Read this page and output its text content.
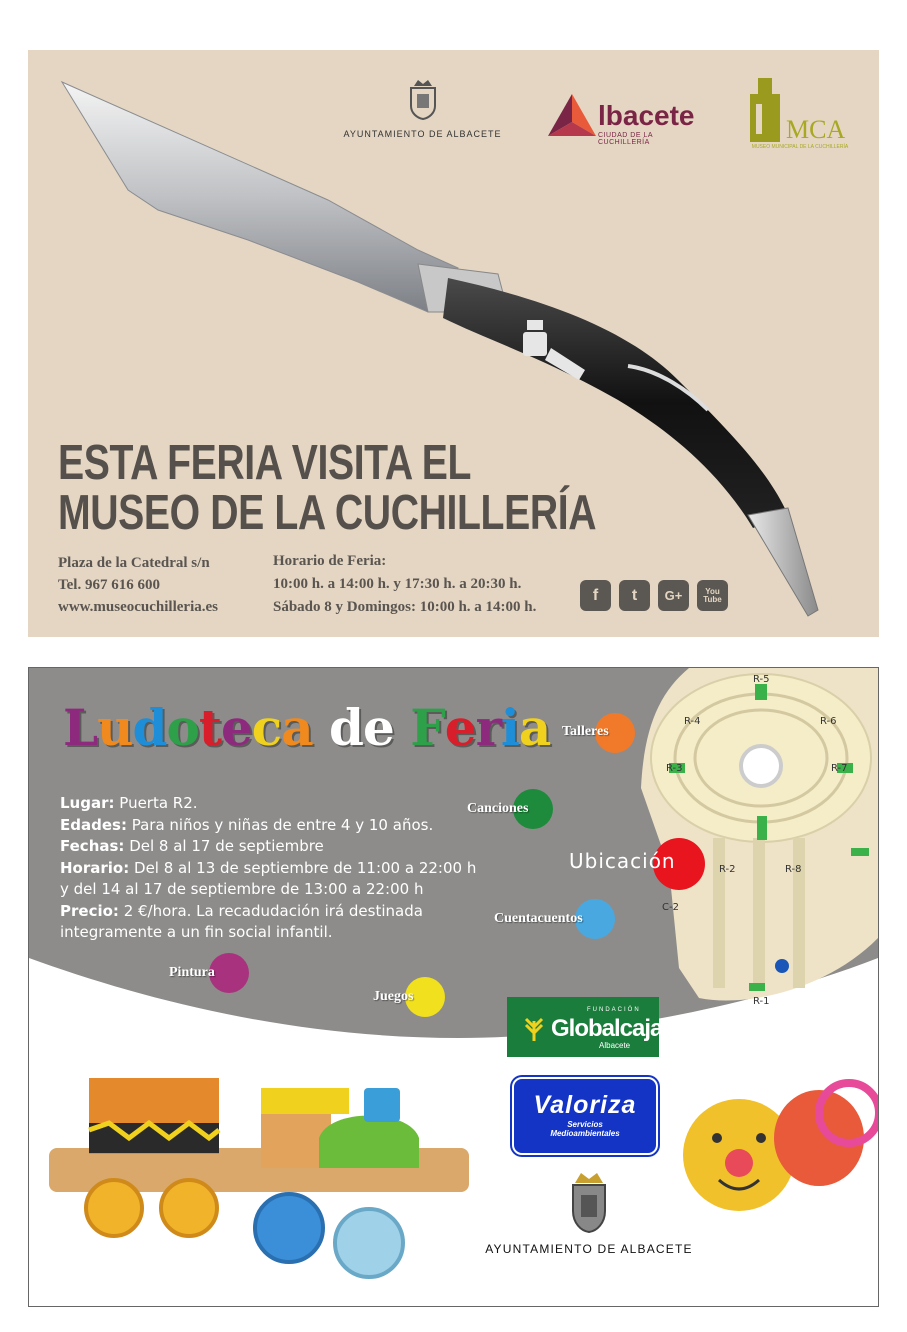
AYUNTAMIENTO DE ALBACETE
lbacete
CIUDAD DE LA CUCHILLERÍA	MCA
MUSEO MUNICIPAL DE LA CUCHILLERÍA
ESTA FERIA VISITA EL
MUSEO DE LA CUCHILLERÍA
Plaza de la Catedral s/n
Tel. 967 616 600
www.museocuchilleria.es
Horario de Feria:
10:00 h. a 14:00 h. y 17:30 h. a 20:30 h.
Sábado 8 y Domingos: 10:00 h. a 14:00 h.
f	t	G+	You
Tube
Ludoteca de Feria
Lugar: Puerta R2.
Edades: Para niños y niñas de entre 4 y 10 años.
Fechas: Del 8 al 17 de septiembre
Horario: Del 8 al 13 de septiembre de 11:00 a 22:00 h
y del 14 al 17 de septiembre de 13:00 a 22:00 h
Precio: 2 €/hora. La recadudación irá destinada
integramente a un fin social infantil.
Talleres
Canciones
Ubicación
Cuentacuentos
Pintura
Juegos
R-5
R-4	R-6
R-3	R-7
R-2	R-8
R-1
C-2
FUNDACIÓN
Globalcaja
Albacete
Valoriza
Servicios
Medioambientales
AYUNTAMIENTO DE ALBACETE
